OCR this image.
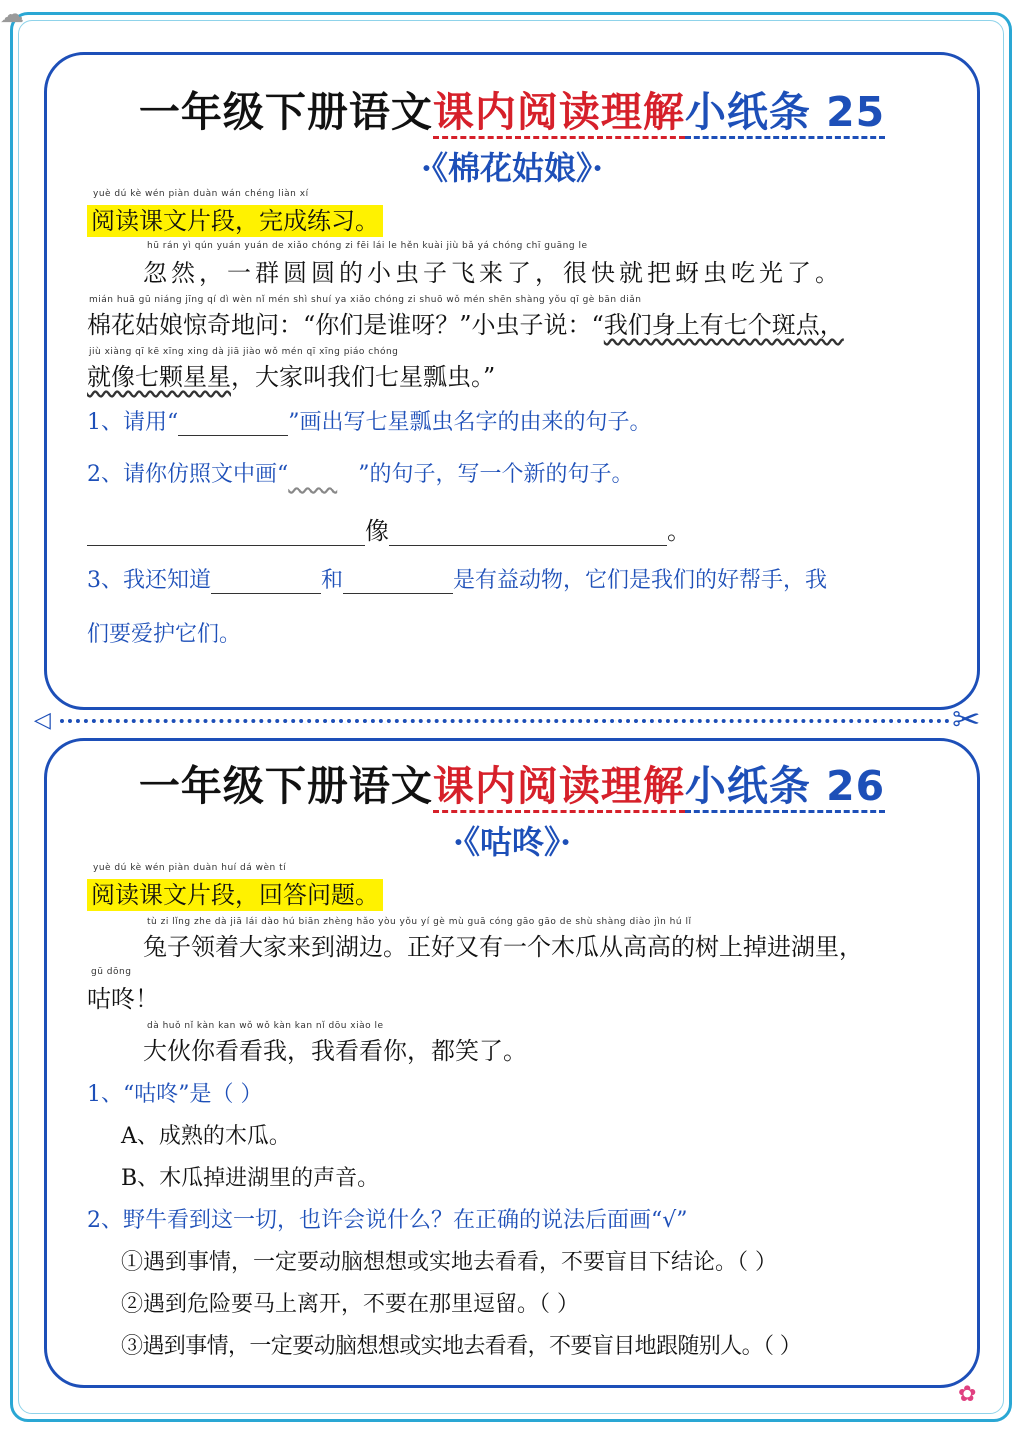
☁
一年级下册语文课内阅读理解小纸条 25
·《棉花姑娘》·
yuè dú kè wén piàn duàn wán chéng liàn xí
阅读课文片段，完成练习。
hū rán yì qún yuán yuán de xiǎo chóng zi fēi lái le hěn kuài jiù bǎ yá chóng chī guāng le
忽然，一群圆圆的小虫子飞来了，很快就把蚜虫吃光了。
mián huā gū niáng jīng qí dì wèn nǐ mén shì shuí ya xiǎo chóng zi shuō wǒ mén shēn shàng yǒu qī gè bān diǎn
棉花姑娘惊奇地问：“你们是谁呀？”小虫子说：“我们身上有七个斑点，
jiù xiàng qī kē xīng xing dà jiā jiào wǒ mén qī xīng piáo chóng
就像七颗星星，大家叫我们七星瓢虫。”
1、请用“	”画出写七星瓢虫名字的由来的句子。
2、请你仿照文中画“	”的句子，写一个新的句子。
像	。
3、我还知道	和	是有益动物，它们是我们的好帮手，我
们要爱护它们。
◁	✂
一年级下册语文课内阅读理解小纸条 26
·《咕咚》·
yuè dú kè wén piàn duàn huí dá wèn tí
阅读课文片段，回答问题。
tù zi lǐng zhe dà jiā lái dào hú biān zhèng hǎo yòu yǒu yí gè mù guā cóng gāo gāo de shù shàng diào jìn hú lǐ
兔子领着大家来到湖边。正好又有一个木瓜从高高的树上掉进湖里，
gū dōng
咕咚！
dà huǒ nǐ kàn kan wǒ wǒ kàn kan nǐ dōu xiào le
大伙你看看我，我看看你，都笑了。
1、“咕咚”是（ ）
A、成熟的木瓜。
B、木瓜掉进湖里的声音。
2、野牛看到这一切，也许会说什么？在正确的说法后面画“√”
①遇到事情，一定要动脑想想或实地去看看，不要盲目下结论。（ ）
②遇到危险要马上离开，不要在那里逗留。（ ）
③遇到事情，一定要动脑想想或实地去看看，不要盲目地跟随别人。（ ）
✿
